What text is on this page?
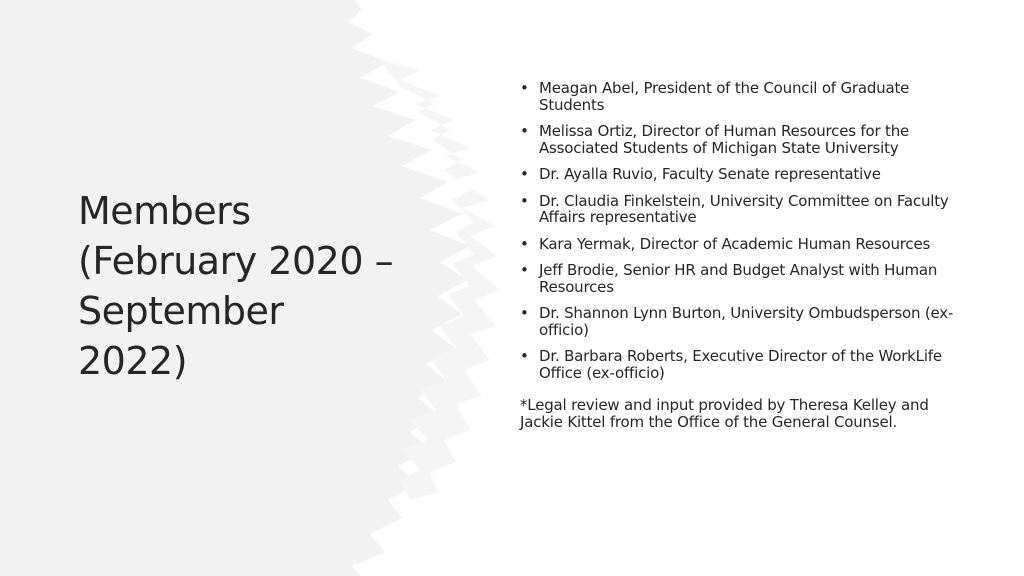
Members
(February 2020 –
September
2022)
• Meagan Abel, President of the Council of Graduate Students
• Melissa Ortiz, Director of Human Resources for the Associated Students of Michigan State University
• Dr. Ayalla Ruvio, Faculty Senate representative
• Dr. Claudia Finkelstein, University Committee on Faculty Affairs representative
• Kara Yermak, Director of Academic Human Resources
• Jeff Brodie, Senior HR and Budget Analyst with Human Resources
• Dr. Shannon Lynn Burton, University Ombudsperson (ex-officio)
• Dr. Barbara Roberts, Executive Director of the WorkLife Office (ex-officio)

*Legal review and input provided by Theresa Kelley and Jackie Kittel from the Office of the General Counsel.
